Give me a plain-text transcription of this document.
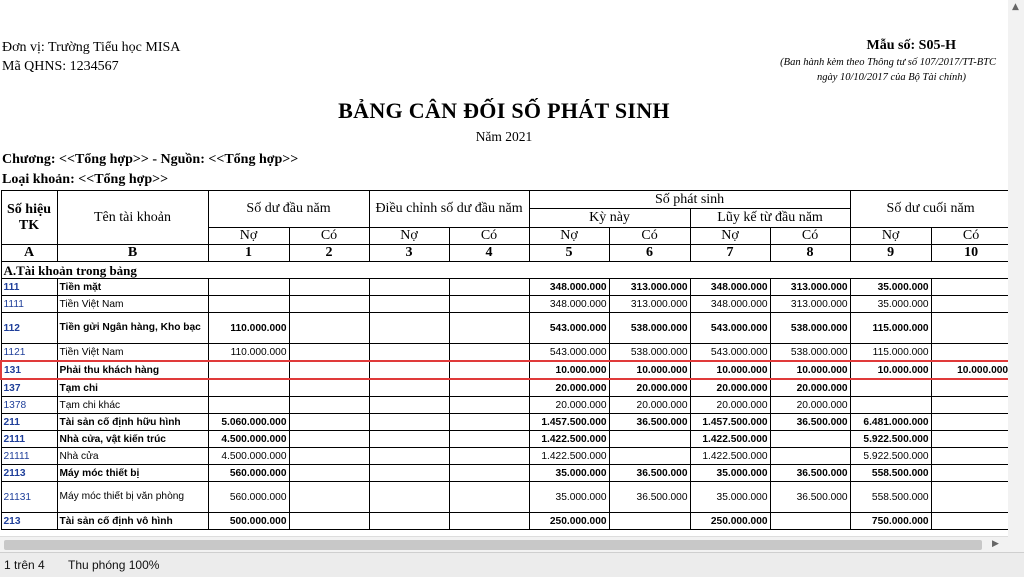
Đơn vị: Trường Tiểu học MISA
Mã QHNS: 1234567
Mẫu số: S05-H
(Ban hành kèm theo Thông tư số 107/2017/TT-BTC
ngày 10/10/2017 của Bộ Tài chính)
BẢNG CÂN ĐỐI SỐ PHÁT SINH
Năm 2021
Chương: <<Tổng hợp>> - Nguồn: <<Tổng hợp>>
Loại khoản: <<Tổng hợp>>
Số hiệu TK	Tên tài khoản	Số dư đầu năm		Điều chỉnh số dư đầu năm		Số phát sinh				Số dư cuối năm	
						Kỳ này		Lũy kế từ đầu năm			
		Nợ	Có	Nợ	Có	Nợ	Có	Nợ	Có	Nợ	Có
A	B	1	2	3	4	5	6	7	8	9	10
A.Tài khoản trong bảng											
111	Tiền mặt					348.000.000	313.000.000	348.000.000	313.000.000	35.000.000	
1111	Tiền Việt Nam					348.000.000	313.000.000	348.000.000	313.000.000	35.000.000	
112	Tiền gửi Ngân hàng, Kho bạc	110.000.000				543.000.000	538.000.000	543.000.000	538.000.000	115.000.000	
1121	Tiền Việt Nam	110.000.000				543.000.000	538.000.000	543.000.000	538.000.000	115.000.000	
131	Phải thu khách hàng					10.000.000	10.000.000	10.000.000	10.000.000	10.000.000	10.000.000
137	Tạm chi					20.000.000	20.000.000	20.000.000	20.000.000		
1378	Tạm chi khác					20.000.000	20.000.000	20.000.000	20.000.000		
211	Tài sản cố định hữu hình	5.060.000.000				1.457.500.000	36.500.000	1.457.500.000	36.500.000	6.481.000.000	
2111	Nhà cửa, vật kiến trúc	4.500.000.000				1.422.500.000		1.422.500.000		5.922.500.000	
21111	Nhà cửa	4.500.000.000				1.422.500.000		1.422.500.000		5.922.500.000	
2113	Máy móc thiết bị	560.000.000				35.000.000	36.500.000	35.000.000	36.500.000	558.500.000	
21131	Máy móc thiết bị văn phòng	560.000.000				35.000.000	36.500.000	35.000.000	36.500.000	558.500.000	
213	Tài sản cố định vô hình	500.000.000				250.000.000		250.000.000		750.000.000	
▲
▶
1 trên 4 Thu phóng 100%
